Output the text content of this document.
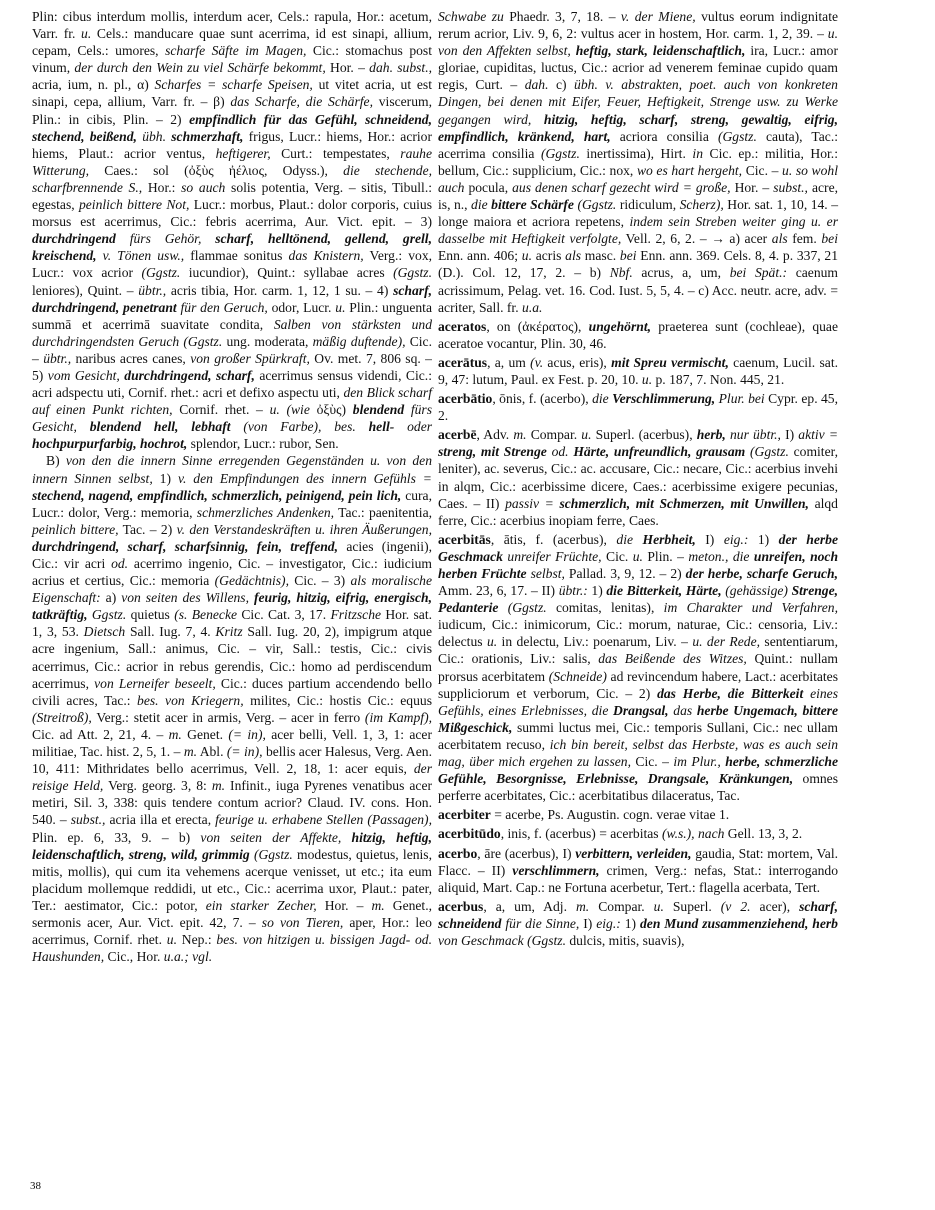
Plin: cibus interdum mollis, interdum acer, Cels.: rapula, Hor.: acetum, Varr. fr. u. Cels.: manducare quae sunt acerrima, id est sinapi, allium, cepam, Cels.: umores, scharfe Säfte im Magen, Cic.: stomachus post vinum, der durch den Wein zu viel Schärfe bekommt, Hor. – dah. subst., acria, ium, n. pl., α) Scharfes = scharfe Speisen, ut vitet acria, ut est sinapi, cepa, allium, Varr. fr. – β) das Scharfe, die Schärfe, viscerum, Plin.: in cibis, Plin. – 2) empfindlich für das Gefühl, schneidend, stechend, beißend, übh. schmerzhaft, frigus, Lucr.: hiems, Hor.: acrior hiems, Plaut.: acrior ventus, heftigerer, Curt.: tempestates, rauhe Witterung, Caes.: sol (ὀξὺς ἠέλιος, Odyss.), die stechende, scharfbrennende S., Hor.: so auch solis potentia, Verg. – sitis, Tibull.: egestas, peinlich bittere Not, Lucr.: morbus, Plaut.: dolor corporis, cuius morsus est acerrimus, Cic.: febris acerrima, Aur. Vict. epit. – 3) durchdringend fürs Gehör, scharf, helltönend, gellend, grell, kreischend, v. Tönen usw., flammae sonitus das Knistern, Verg.: vox, Lucr.: vox acrior (Ggstz. iucundior), Quint.: syllabae acres (Ggstz. leniores), Quint. – übtr., acris tibia, Hor. carm. 1, 12, 1 su. – 4) scharf, durchdringend, penetrant für den Geruch, odor, Lucr. u. Plin.: unguenta summā et acerrimā suavitate condita, Salben von stärksten und durchdringendsten Geruch (Ggstz. ung. moderata, mäßig duftende), Cic. – übtr., naribus acres canes, von großer Spürkraft, Ov. met. 7, 806 sq. – 5) vom Gesicht, durchdringend, scharf, acerrimus sensus videndi, Cic.: acri adspectu uti, Cornif. rhet.: acri et defixo aspectu uti, den Blick scharf auf einen Punkt richten, Cornif. rhet. – u. (wie ὀξὺς) blendend fürs Gesicht, blendend hell, lebhaft (von Farbe), bes. hell- oder hochpurpurfarbig, hochrot, splendor, Lucr.: rubor, Sen.

B) von den die innern Sinne erregenden Gegenständen u. von den innern Sinnen selbst, 1) v. den Empfindungen des innern Gefühls = stechend, nagend, empfindlich, schmerzlich, peinigend, pein lich, cura, Lucr.: dolor, Verg.: memoria, schmerzliches Andenken, Tac.: paenitentia, peinlich bittere, Tac. – 2) v. den Verstandeskräften u. ihren Äußerungen, durchdringend, scharf, scharfsinnig, fein, treffend, acies (ingenii), Cic.: vir acri od. acerrimo ingenio, Cic. – investigator, Cic.: iudicium acrius et certius, Cic.: memoria (Gedächtnis), Cic. – 3) als moralische Eigenschaft: a) von seiten des Willens, feurig, hitzig, eifrig, energisch, tatkräftig, Ggstz. quietus (s. Benecke Cic. Cat. 3, 17. Fritzsche Hor. sat. 1, 3, 53. Dietsch Sall. Iug. 7, 4. Kritz Sall. Iug. 20, 2), impigrum atque acre ingenium, Sall.: animus, Cic. – vir, Sall.: testis, Cic.: civis acerrimus, Cic.: acrior in rebus gerendis, Cic.: homo ad perdiscendum acerrimus, von Lerneifer beseelt, Cic.: duces partium accendendo bello civili acres, Tac.: bes. von Kriegern, milites, Cic.: hostis Cic.: equus (Streitroß), Verg.: stetit acer in armis, Verg. – acer in ferro (im Kampf), Cic. ad Att. 2, 21, 4. – m. Genet. (= in), acer belli, Vell. 1, 3, 1: acer militiae, Tac. hist. 2, 5, 1. – m. Abl. (= in), bellis acer Halesus, Verg. Aen. 10, 411: Mithridates bello acerrimus, Vell. 2, 18, 1: acer equis, der reisige Held, Verg. georg. 3, 8: m. Infinit., iuga Pyrenes venatibus acer metiri, Sil. 3, 338: quis tendere contum acrior? Claud. IV. cons. Hon. 540. – subst., acria illa et erecta, feurige u. erhabene Stellen (Passagen), Plin. ep. 6, 33, 9. – b) von seiten der Affekte, hitzig, heftig, leidenschaftlich, streng, wild, grimmig (Ggstz. modestus, quietus, lenis, mitis, mollis), qui cum ita vehemens acerque venisset, ut etc.; ita eum placidum mollemque reddidi, ut etc., Cic.: acerrima uxor, Plaut.: pater, Ter.: aestimator, Cic.: potor, ein starker Zecher, Hor. – m. Genet., sermonis acer, Aur. Vict. epit. 42, 7. – so von Tieren, aper, Hor.: leo acerrimus, Cornif. rhet. u. Nep.: bes. von hitzigen u. bissigen Jagd- od. Haushunden, Cic., Hor. u.a.; vgl.

Schwabe zu Phaedr. 3, 7, 18. – v. der Miene, vultus eorum indignitate rerum acrior, Liv. 9, 6, 2: vultus acer in hostem, Hor. carm. 1, 2, 39. – u. von den Affekten selbst, heftig, stark, leidenschaftlich, ira, Lucr.: amor gloriae, cupiditas, luctus, Cic.: acrior ad venerem feminae cupido quam regis, Curt. – dah. c) übh. v. abstrakten, poet. auch von konkreten Dingen, bei denen mit Eifer, Feuer, Heftigkeit, Strenge usw. zu Werke gegangen wird, hitzig, heftig, scharf, streng, gewaltig, eifrig, empfindlich, kränkend, hart, acriora consilia (Ggstz. cauta), Tac.: acerrima consilia (Ggstz. inertissima), Hirt. in Cic. ep.: militia, Hor.: bellum, Cic.: supplicium, Cic.: nox, wo es hart hergeht, Cic. – u. so wohl auch pocula, aus denen scharf gezecht wird = große, Hor. – subst., acre, is, n., die bittere Schärfe (Ggstz. ridiculum, Scherz), Hor. sat. 1, 10, 14. – longe maiora et acriora repetens, indem sein Streben weiter ging u. er dasselbe mit Heftigkeit verfolgte, Vell. 2, 6, 2. – → a) acer als fem. bei Enn. ann. 406; u. acris als masc. bei Enn. ann. 369. Cels. 8, 4. p. 337, 21 (D.). Col. 12, 17, 2. – b) Nbf. acrus, a, um, bei Spät.: caenum acrissimum, Pelag. vet. 16. Cod. Iust. 5, 5, 4. – c) Acc. neutr. acre, adv. = acriter, Sall. fr. u.a.

aceratos, on (ἀκέρατος), ungehörnt, praeterea sunt (cochleae), quae aceratoe vocantur, Plin. 30, 46.

acerātus, a, um (v. acus, eris), mit Spreu vermischt, caenum, Lucil. sat. 9, 47: lutum, Paul. ex Fest. p. 20, 10. u. p. 187, 7. Non. 445, 21.

acerbātio, ōnis, f. (acerbo), die Verschlimmerung, Plur. bei Cypr. ep. 45, 2.

acerbē, Adv. m. Compar. u. Superl. (acerbus), herb, nur übtr., I) aktiv = streng, mit Strenge od. Härte, unfreundlich, grausam (Ggstz. comiter, leniter), ac. severus, Cic.: ac. accusare, Cic.: necare, Cic.: acerbius invehi in alqm, Cic.: acerbissime dicere, Caes.: acerbissime exigere pecunias, Caes. – II) passiv = schmerzlich, mit Schmerzen, mit Unwillen, alqd ferre, Cic.: acerbius inopiam ferre, Caes.

acerbitās, ātis, f. (acerbus), die Herbheit, I) eig.: 1) der herbe Geschmack unreifer Früchte, Cic. u. Plin. – meton., die unreifen, noch herben Früchte selbst, Pallad. 3, 9, 12. – 2) der herbe, scharfe Geruch, Amm. 23, 6, 17. – II) übtr.: 1) die Bitterkeit, Härte, (gehässige) Strenge, Pedanterie (Ggstz. comitas, lenitas), im Charakter und Verfahren, iudicum, Cic.: inimicorum, Cic.: morum, naturae, Cic.: censoria, Liv.: delectus u. in delectu, Liv.: poenarum, Liv. – u. der Rede, sententiarum, Cic.: orationis, Liv.: salis, das Beißende des Witzes, Quint.: nullam prorsus acerbitatem (Schneide) ad revincendum habere, Lact.: acerbitates suppliciorum et verborum, Cic. – 2) das Herbe, die Bitterkeit eines Gefühls, eines Erlebnisses, die Drangsal, das herbe Ungemach, bittere Mißgeschick, summi luctus mei, Cic.: temporis Sullani, Cic.: nec ullam acerbitatem recuso, ich bin bereit, selbst das Herbste, was es auch sein mag, über mich ergehen zu lassen, Cic. – im Plur., herbe, schmerzliche Gefühle, Besorgnisse, Erlebnisse, Drangsale, Kränkungen, omnes perferre acerbitates, Cic.: acerbitatibus dilaceratus, Tac.

acerbiter = acerbe, Ps. Augustin. cogn. verae vitae 1.

acerbitūdo, inis, f. (acerbus) = acerbitas (w.s.), nach Gell. 13, 3, 2.

acerbo, āre (acerbus), I) verbittern, verleiden, gaudia, Stat: mortem, Val. Flacc. – II) verschlimmern, crimen, Verg.: nefas, Stat.: interrogando aliquid, Mart. Cap.: ne Fortuna acerbetur, Tert.: flagella acerbata, Tert.

acerbus, a, um, Adj. m. Compar. u. Superl. (v 2. acer), scharf, schneidend für die Sinne, I) eig.: 1) den Mund zusammenziehend, herb von Geschmack (Ggstz. dulcis, mitis, suavis),

38
